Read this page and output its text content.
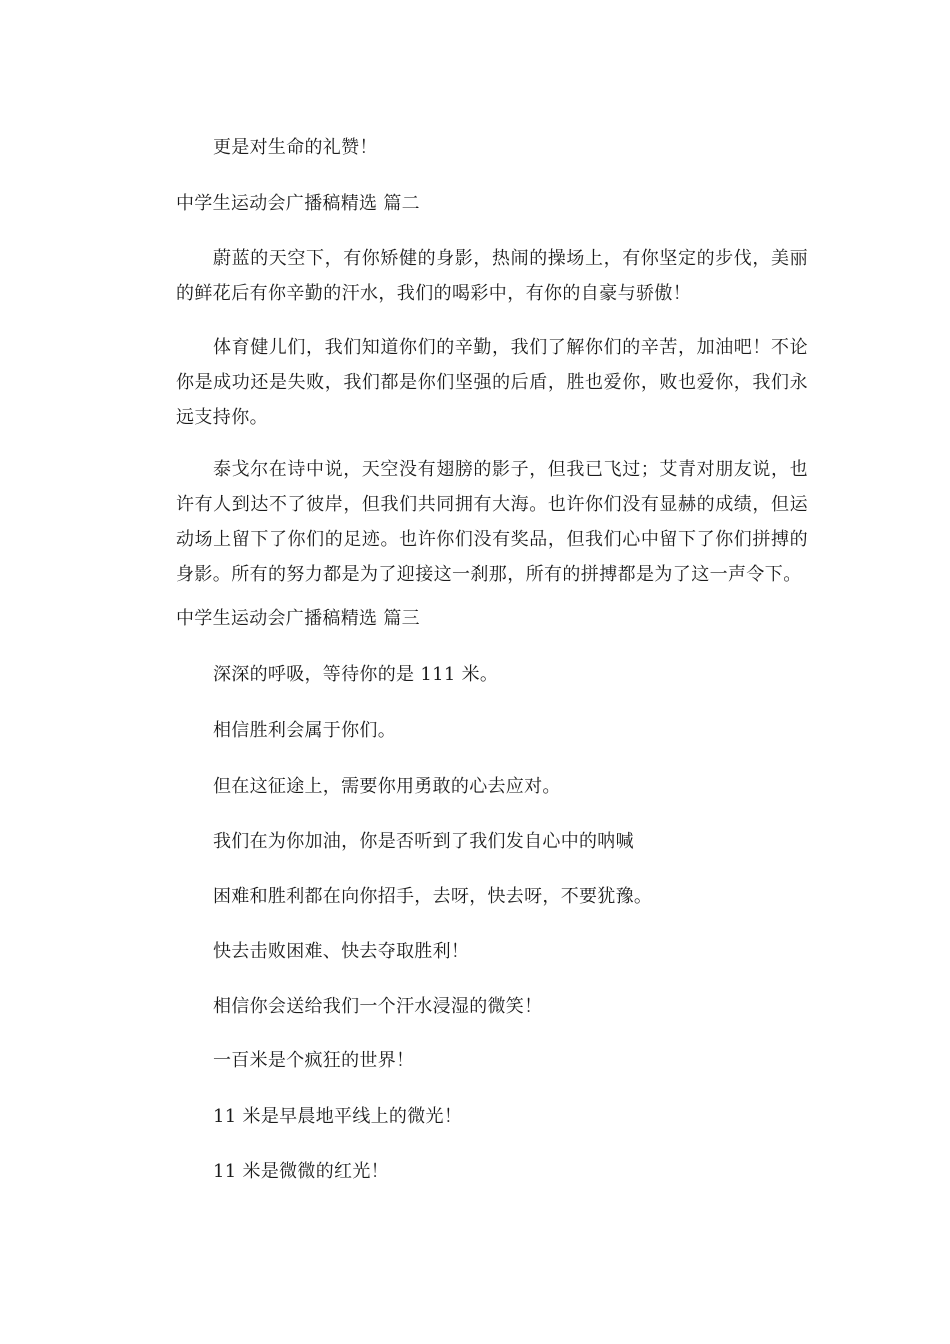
更是对生命的礼赞！
中学生运动会广播稿精选 篇二
蔚蓝的天空下，有你矫健的身影，热闹的操场上，有你坚定的步伐，美丽的鲜花后有你辛勤的汗水，我们的喝彩中，有你的自豪与骄傲！
体育健儿们，我们知道你们的辛勤，我们了解你们的辛苦，加油吧！不论你是成功还是失败，我们都是你们坚强的后盾，胜也爱你，败也爱你，我们永远支持你。
泰戈尔在诗中说，天空没有翅膀的影子，但我已飞过；艾青对朋友说，也许有人到达不了彼岸，但我们共同拥有大海。也许你们没有显赫的成绩，但运动场上留下了你们的足迹。也许你们没有奖品，但我们心中留下了你们拼搏的身影。所有的努力都是为了迎接这一刹那，所有的拼搏都是为了这一声令下。
中学生运动会广播稿精选 篇三
深深的呼吸，等待你的是 111 米。
相信胜利会属于你们。
但在这征途上，需要你用勇敢的心去应对。
我们在为你加油，你是否听到了我们发自心中的呐喊
困难和胜利都在向你招手，去呀，快去呀，不要犹豫。
快去击败困难、快去夺取胜利！
相信你会送给我们一个汗水浸湿的微笑！
一百米是个疯狂的世界！
11 米是早晨地平线上的微光！
11 米是微微的红光！
